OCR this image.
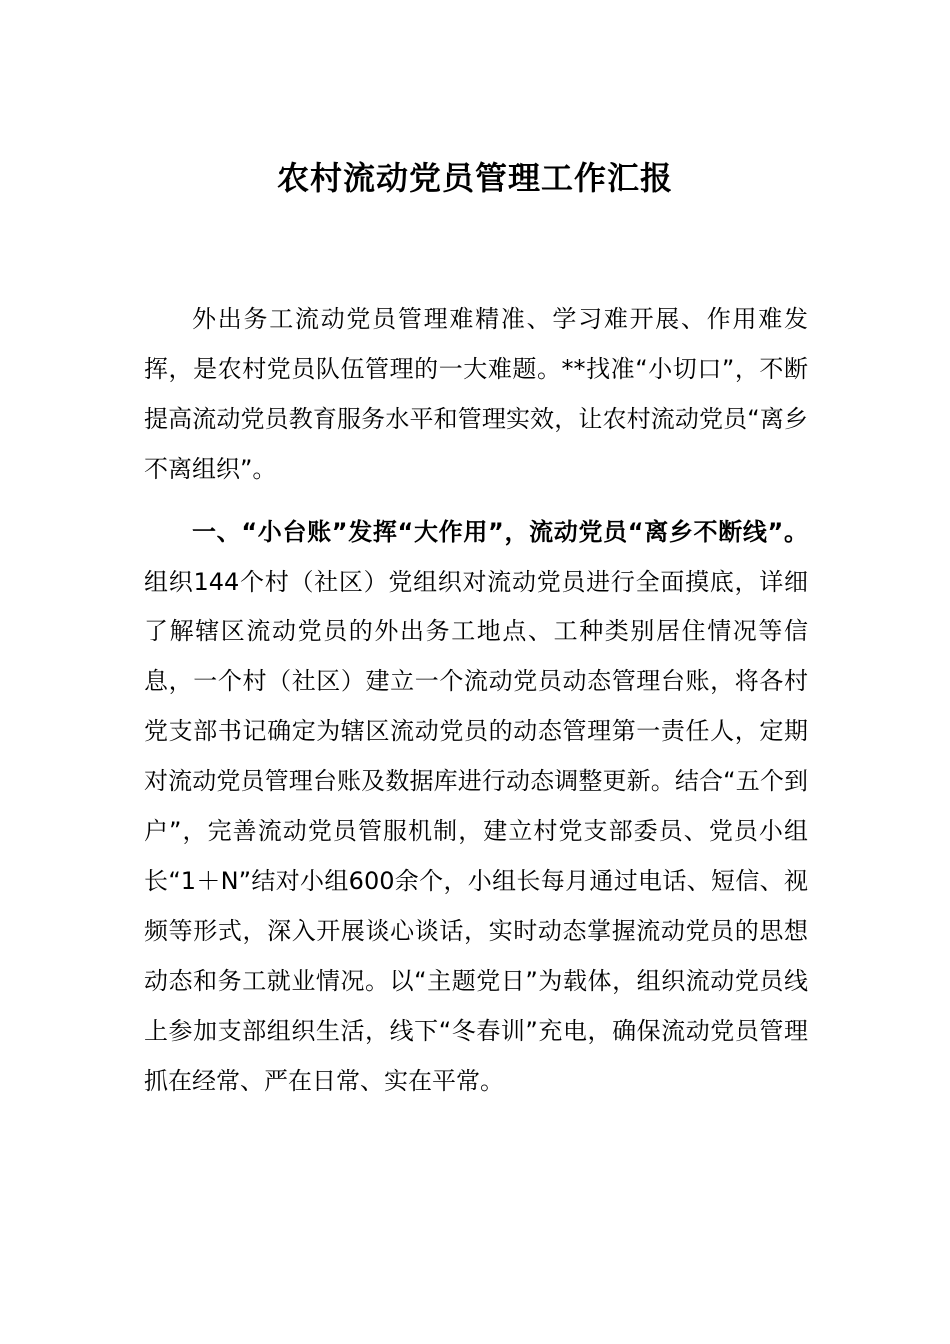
农村流动党员管理工作汇报

外出务工流动党员管理难精准、学习难开展、作用难发挥，是农村党员队伍管理的一大难题。**找准“小切口”，不断提高流动党员教育服务水平和管理实效，让农村流动党员“离乡不离组织”。

一、“小台账”发挥“大作用”，流动党员“离乡不断线”。组织144个村（社区）党组织对流动党员进行全面摸底，详细了解辖区流动党员的外出务工地点、工种类别居住情况等信息，一个村（社区）建立一个流动党员动态管理台账，将各村党支部书记确定为辖区流动党员的动态管理第一责任人，定期对流动党员管理台账及数据库进行动态调整更新。结合“五个到户”，完善流动党员管服机制，建立村党支部委员、党员小组长“1＋N”结对小组600余个，小组长每月通过电话、短信、视频等形式，深入开展谈心谈话，实时动态掌握流动党员的思想动态和务工就业情况。以“主题党日”为载体，组织流动党员线上参加支部组织生活，线下“冬春训”充电，确保流动党员管理抓在经常、严在日常、实在平常。
